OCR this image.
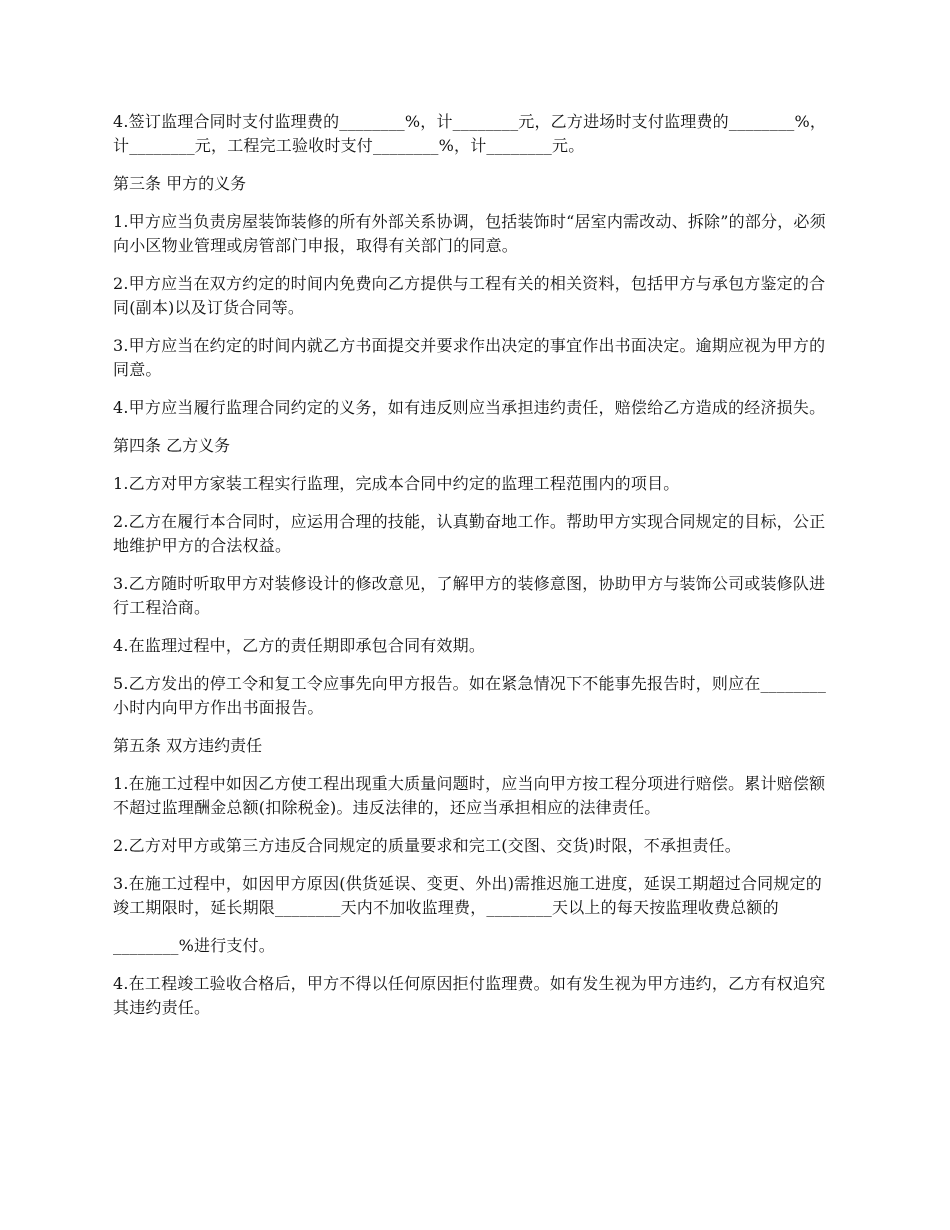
4.签订监理合同时支付监理费的________%，计________元，乙方进场时支付监理费的________%，计________元，工程完工验收时支付________%，计________元。

第三条 甲方的义务

1.甲方应当负责房屋装饰装修的所有外部关系协调，包括装饰时“居室内需改动、拆除”的部分，必须向小区物业管理或房管部门申报，取得有关部门的同意。

2.甲方应当在双方约定的时间内免费向乙方提供与工程有关的相关资料，包括甲方与承包方鉴定的合同(副本)以及订货合同等。

3.甲方应当在约定的时间内就乙方书面提交并要求作出决定的事宜作出书面决定。逾期应视为甲方的同意。

4.甲方应当履行监理合同约定的义务，如有违反则应当承担违约责任，赔偿给乙方造成的经济损失。

第四条 乙方义务

1.乙方对甲方家装工程实行监理，完成本合同中约定的监理工程范围内的项目。

2.乙方在履行本合同时，应运用合理的技能，认真勤奋地工作。帮助甲方实现合同规定的目标，公正地维护甲方的合法权益。

3.乙方随时听取甲方对装修设计的修改意见，了解甲方的装修意图，协助甲方与装饰公司或装修队进行工程洽商。

4.在监理过程中，乙方的责任期即承包合同有效期。

5.乙方发出的停工令和复工令应事先向甲方报告。如在紧急情况下不能事先报告时，则应在________小时内向甲方作出书面报告。

第五条 双方违约责任

1.在施工过程中如因乙方使工程出现重大质量问题时，应当向甲方按工程分项进行赔偿。累计赔偿额不超过监理酬金总额(扣除税金)。违反法律的，还应当承担相应的法律责任。

2.乙方对甲方或第三方违反合同规定的质量要求和完工(交图、交货)时限，不承担责任。

3.在施工过程中，如因甲方原因(供货延误、变更、外出)需推迟施工进度，延误工期超过合同规定的竣工期限时，延长期限________天内不加收监理费，________天以上的每天按监理收费总额的

________%进行支付。

4.在工程竣工验收合格后，甲方不得以任何原因拒付监理费。如有发生视为甲方违约，乙方有权追究其违约责任。
